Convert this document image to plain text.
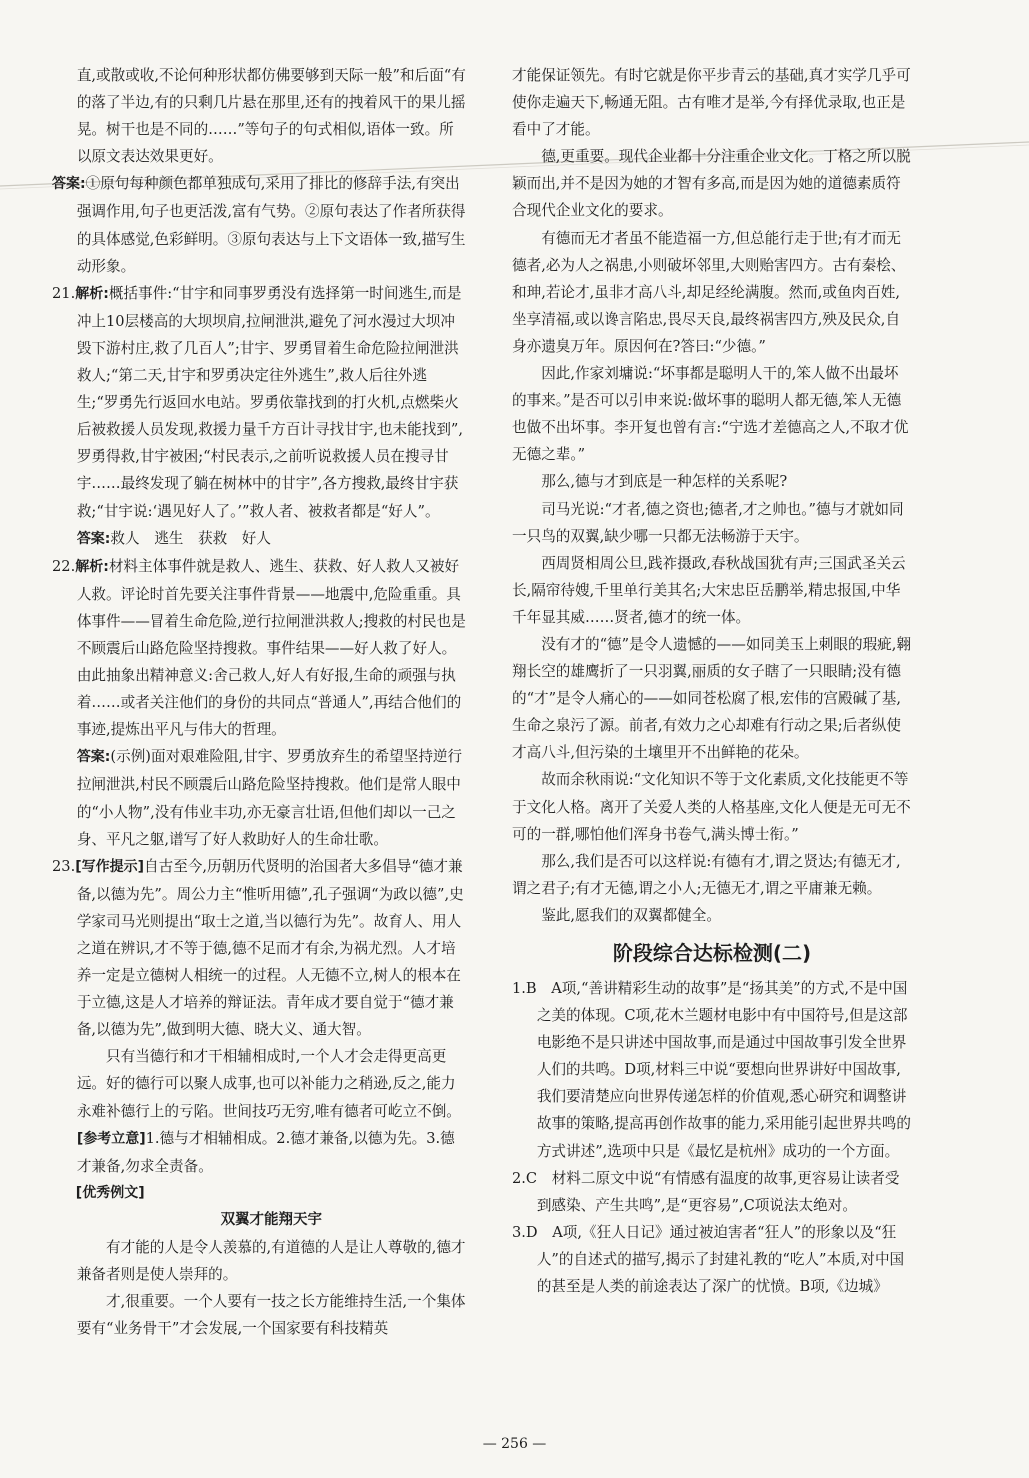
直,或散或收,不论何种形状都仿佛要够到天际一般”和后面“有的落了半边,有的只剩几片悬在那里,还有的拽着风干的果儿摇晃。树干也是不同的……”等句子的句式相似,语体一致。所以原文表达效果更好。

答案:①原句每种颜色都单独成句,采用了排比的修辞手法,有突出强调作用,句子也更活泼,富有气势。②原句表达了作者所获得的具体感觉,色彩鲜明。③原句表达与上下文语体一致,描写生动形象。

21.解析:概括事件:“甘宇和同事罗勇没有选择第一时间逃生,而是冲上10层楼高的大坝坝肩,拉闸泄洪,避免了河水漫过大坝冲毁下游村庄,救了几百人”;甘宇、罗勇冒着生命危险拉闸泄洪救人;“第二天,甘宇和罗勇决定往外逃生”,救人后往外逃生;“罗勇先行返回水电站。罗勇依靠找到的打火机,点燃柴火后被救援人员发现,救援力量千方百计寻找甘宇,也未能找到”,罗勇得救,甘宇被困;“村民表示,之前听说救援人员在搜寻甘宇……最终发现了躺在树林中的甘宇”,各方搜救,最终甘宇获救;“甘宇说:‘遇见好人了。’”救人者、被救者都是“好人”。

答案:救人　逃生　获救　好人

22.解析:材料主体事件就是救人、逃生、获救、好人救人又被好人救。评论时首先要关注事件背景——地震中,危险重重。具体事件——冒着生命危险,逆行拉闸泄洪救人;搜救的村民也是不顾震后山路危险坚持搜救。事件结果——好人救了好人。由此抽象出精神意义:舍己救人,好人有好报,生命的顽强与执着……或者关注他们的身份的共同点“普通人”,再结合他们的事迹,提炼出平凡与伟大的哲理。

答案:(示例)面对艰难险阻,甘宇、罗勇放弃生的希望坚持逆行拉闸泄洪,村民不顾震后山路危险坚持搜救。他们是常人眼中的“小人物”,没有伟业丰功,亦无豪言壮语,但他们却以一己之身、平凡之躯,谱写了好人救助好人的生命壮歌。

23.[写作提示]自古至今,历朝历代贤明的治国者大多倡导“德才兼备,以德为先”。周公力主“惟听用德”,孔子强调“为政以德”,史学家司马光则提出“取士之道,当以德行为先”。故育人、用人之道在辨识,才不等于德,德不足而才有余,为祸尤烈。人才培养一定是立德树人相统一的过程。人无德不立,树人的根本在于立德,这是人才培养的辩证法。青年成才要自觉于“德才兼备,以德为先”,做到明大德、晓大义、通大智。

只有当德行和才干相辅相成时,一个人才会走得更高更远。好的德行可以聚人成事,也可以补能力之稍逊,反之,能力永难补德行上的亏陷。世间技巧无穷,唯有德者可屹立不倒。

[参考立意]1.德与才相辅相成。2.德才兼备,以德为先。3.德才兼备,勿求全责备。

[优秀例文]

双翼才能翔天宇

有才能的人是令人羡慕的,有道德的人是让人尊敬的,德才兼备者则是使人崇拜的。

才,很重要。一个人要有一技之长方能维持生活,一个集体要有“业务骨干”才会发展,一个国家要有科技精英

才能保证领先。有时它就是你平步青云的基础,真才实学几乎可使你走遍天下,畅通无阻。古有唯才是举,今有择优录取,也正是看中了才能。

德,更重要。现代企业都十分注重企业文化。丁格之所以脱颖而出,并不是因为她的才智有多高,而是因为她的道德素质符合现代企业文化的要求。

有德而无才者虽不能造福一方,但总能行走于世;有才而无德者,必为人之祸患,小则破坏邻里,大则贻害四方。古有秦桧、和珅,若论才,虽非才高八斗,却足经纶满腹。然而,或鱼肉百姓,坐享清福,或以谗言陷忠,畏尽天良,最终祸害四方,殃及民众,自身亦遗臭万年。原因何在?答曰:“少德。”

因此,作家刘墉说:“坏事都是聪明人干的,笨人做不出最坏的事来。”是否可以引申来说:做坏事的聪明人都无德,笨人无德也做不出坏事。李开复也曾有言:“宁选才差德高之人,不取才优无德之辈。”

那么,德与才到底是一种怎样的关系呢?

司马光说:“才者,德之资也;德者,才之帅也。”德与才就如同一只鸟的双翼,缺少哪一只都无法畅游于天宇。

西周贤相周公旦,践祚摄政,春秋战国犹有声;三国武圣关云长,隔帘待嫂,千里单行美其名;大宋忠臣岳鹏举,精忠报国,中华千年显其威……贤者,德才的统一体。

没有才的“德”是令人遗憾的——如同美玉上刺眼的瑕疵,翱翔长空的雄鹰折了一只羽翼,丽质的女子瞎了一只眼睛;没有德的“才”是令人痛心的——如同苍松腐了根,宏伟的宫殿碱了基,生命之泉污了源。前者,有效力之心却难有行动之果;后者纵使才高八斗,但污染的土壤里开不出鲜艳的花朵。

故而余秋雨说:“文化知识不等于文化素质,文化技能更不等于文化人格。离开了关爱人类的人格基座,文化人便是无可无不可的一群,哪怕他们浑身书卷气,满头博士衔。”

那么,我们是否可以这样说:有德有才,谓之贤达;有德无才,谓之君子;有才无德,谓之小人;无德无才,谓之平庸兼无赖。

鉴此,愿我们的双翼都健全。

阶段综合达标检测(二)

1.B　 A项,“善讲精彩生动的故事”是“扬其美”的方式,不是中国之美的体现。C项,花木兰题材电影中有中国符号,但是这部电影绝不是只讲述中国故事,而是通过中国故事引发全世界人们的共鸣。D项,材料三中说“要想向世界讲好中国故事,我们要清楚应向世界传递怎样的价值观,悉心研究和调整讲故事的策略,提高再创作故事的能力,采用能引起世界共鸣的方式讲述”,选项中只是《最忆是杭州》成功的一个方面。

2.C　 材料二原文中说“有情感有温度的故事,更容易让读者受到感染、产生共鸣”,是“更容易”,C项说法太绝对。

3.D　 A项,《狂人日记》通过被迫害者“狂人”的形象以及“狂人”的自述式的描写,揭示了封建礼教的“吃人”本质,对中国的甚至是人类的前途表达了深广的忧愤。B项,《边城》

— 256 —
